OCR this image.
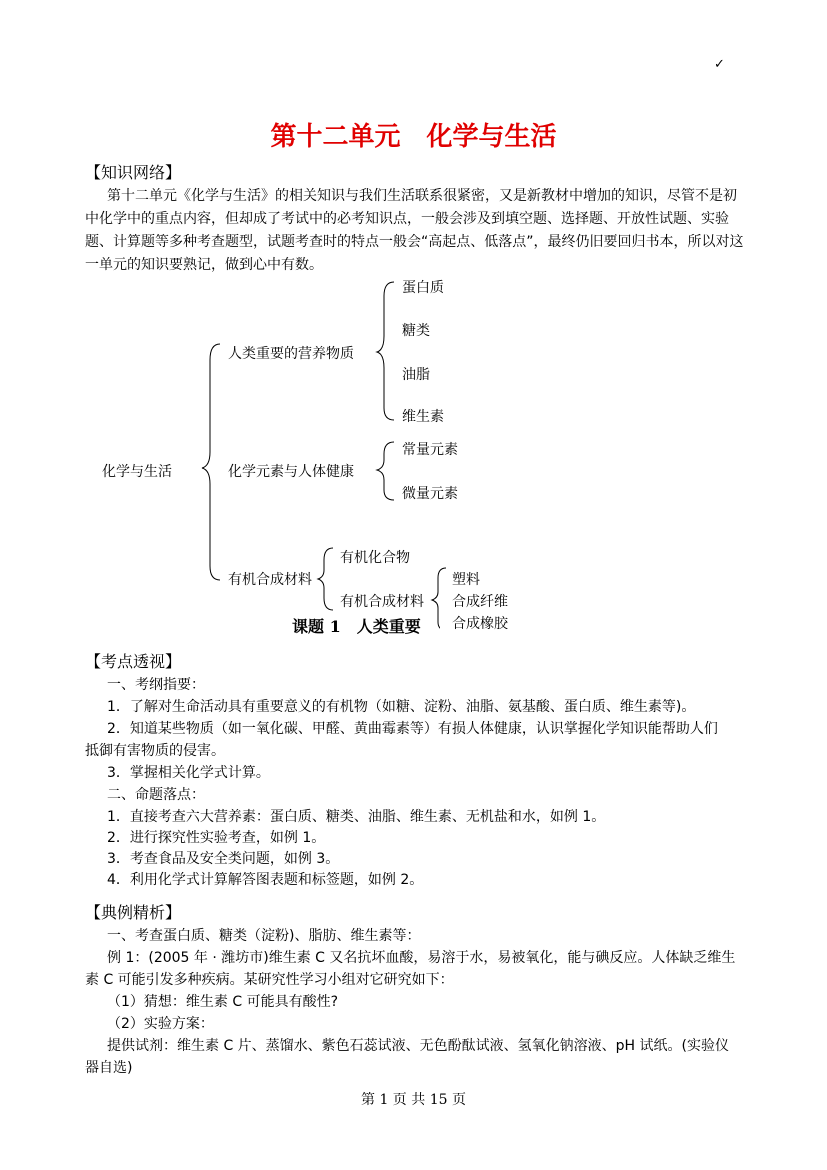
✓
第十二单元 化学与生活
【知识网络】
第十二单元《化学与生活》的相关知识与我们生活联系很紧密，又是新教材中增加的知识，尽管不是初中化学中的重点内容，但却成了考试中的必考知识点，一般会涉及到填空题、选择题、开放性试题、实验题、计算题等多种考查题型，试题考查时的特点一般会“高起点、低落点”，最终仍旧要回归书本，所以对这一单元的知识要熟记，做到心中有数。
化学与生活
人类重要的营养物质
蛋白质
糖类
油脂
维生素
化学元素与人体健康
常量元素
微量元素
有机合成材料
有机化合物
课题 1　人类重要
有机合成材料
塑料
合成纤维
合成橡胶
【考点透视】
一、考纲指要：
1．了解对生命活动具有重要意义的有机物（如糖、淀粉、油脂、氨基酸、蛋白质、维生素等)。
2．知道某些物质（如一氧化碳、甲醛、黄曲霉素等）有损人体健康，认识掌握化学知识能帮助人们
抵御有害物质的侵害。
3．掌握相关化学式计算。
二、命题落点：
1．直接考查六大营养素：蛋白质、糖类、油脂、维生素、无机盐和水，如例 1。
2．进行探究性实验考查，如例 1。
3．考查食品及安全类问题，如例 3。
4．利用化学式计算解答图表题和标签题，如例 2。
【典例精析】
一、考查蛋白质、糖类（淀粉)、脂肪、维生素等：
例 1：(2005 年 · 潍坊市)维生素 C 又名抗坏血酸，易溶于水，易被氧化，能与碘反应。人体缺乏维生
素 C 可能引发多种疾病。某研究性学习小组对它研究如下：
（1）猜想：维生素 C 可能具有酸性?
（2）实验方案：
提供试剂：维生素 C 片、蒸馏水、紫色石蕊试液、无色酚酞试液、氢氧化钠溶液、pH 试纸。(实验仪
器自选)
第 1 页 共 15 页
